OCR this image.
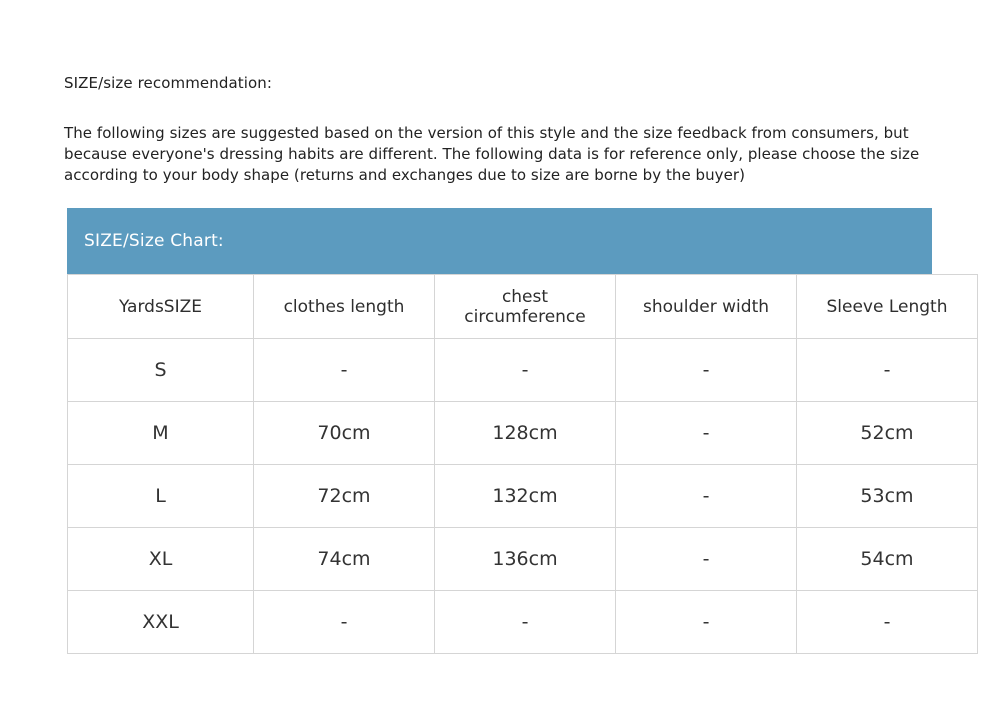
SIZE/size recommendation:
The following sizes are suggested based on the version of this style and the size feedback from consumers, but because everyone's dressing habits are different. The following data is for reference only, please choose the size according to your body shape (returns and exchanges due to size are borne by the buyer)
SIZE/Size Chart:
YardsSIZE	clothes length	chest circumference	shoulder width	Sleeve Length
S	-	-	-	-
M	70cm	128cm	-	52cm
L	72cm	132cm	-	53cm
XL	74cm	136cm	-	54cm
XXL	-	-	-	-
